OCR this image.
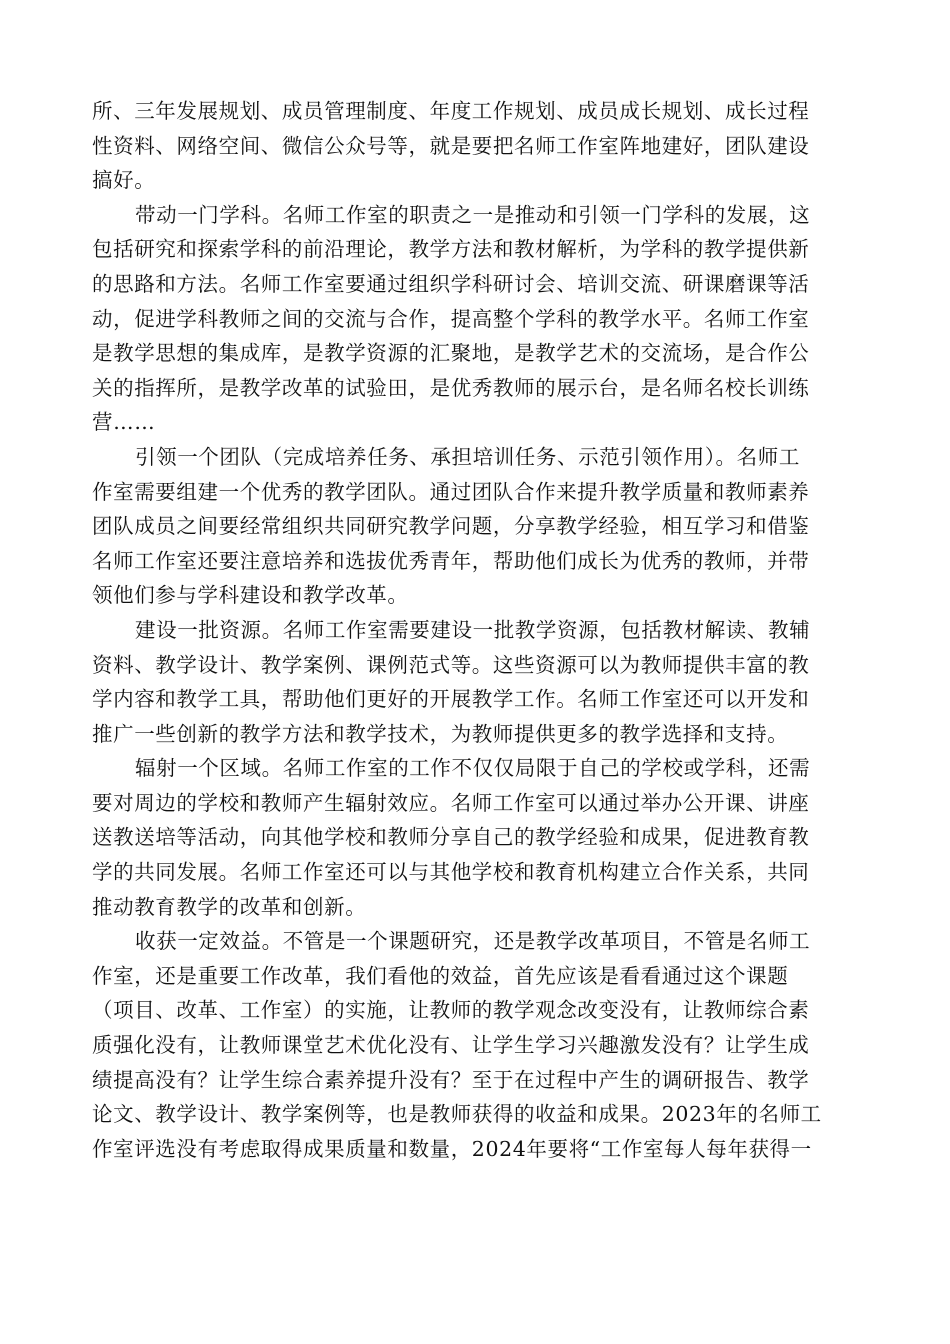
所、三年发展规划、成员管理制度、年度工作规划、成员成长规划、成长过程
性资料、网络空间、微信公众号等，就是要把名师工作室阵地建好，团队建设
搞好。
带动一门学科。名师工作室的职责之一是推动和引领一门学科的发展，这
包括研究和探索学科的前沿理论，教学方法和教材解析，为学科的教学提供新
的思路和方法。名师工作室要通过组织学科研讨会、培训交流、研课磨课等活
动，促进学科教师之间的交流与合作，提高整个学科的教学水平。名师工作室
是教学思想的集成库，是教学资源的汇聚地，是教学艺术的交流场，是合作公
关的指挥所，是教学改革的试验田，是优秀教师的展示台，是名师名校长训练
营……
引领一个团队（完成培养任务、承担培训任务、示范引领作用）。名师工
作室需要组建一个优秀的教学团队。通过团队合作来提升教学质量和教师素养
团队成员之间要经常组织共同研究教学问题，分享教学经验，相互学习和借鉴
名师工作室还要注意培养和选拔优秀青年，帮助他们成长为优秀的教师，并带
领他们参与学科建设和教学改革。
建设一批资源。名师工作室需要建设一批教学资源，包括教材解读、教辅
资料、教学设计、教学案例、课例范式等。这些资源可以为教师提供丰富的教
学内容和教学工具，帮助他们更好的开展教学工作。名师工作室还可以开发和
推广一些创新的教学方法和教学技术，为教师提供更多的教学选择和支持。
辐射一个区域。名师工作室的工作不仅仅局限于自己的学校或学科，还需
要对周边的学校和教师产生辐射效应。名师工作室可以通过举办公开课、讲座
送教送培等活动，向其他学校和教师分享自己的教学经验和成果，促进教育教
学的共同发展。名师工作室还可以与其他学校和教育机构建立合作关系，共同
推动教育教学的改革和创新。
收获一定效益。不管是一个课题研究，还是教学改革项目，不管是名师工
作室，还是重要工作改革，我们看他的效益，首先应该是看看通过这个课题
（项目、改革、工作室）的实施，让教师的教学观念改变没有，让教师综合素
质强化没有，让教师课堂艺术优化没有、让学生学习兴趣激发没有？让学生成
绩提高没有？让学生综合素养提升没有？至于在过程中产生的调研报告、教学
论文、教学设计、教学案例等，也是教师获得的收益和成果。2023年的名师工
作室评选没有考虑取得成果质量和数量，2024年要将“工作室每人每年获得一
